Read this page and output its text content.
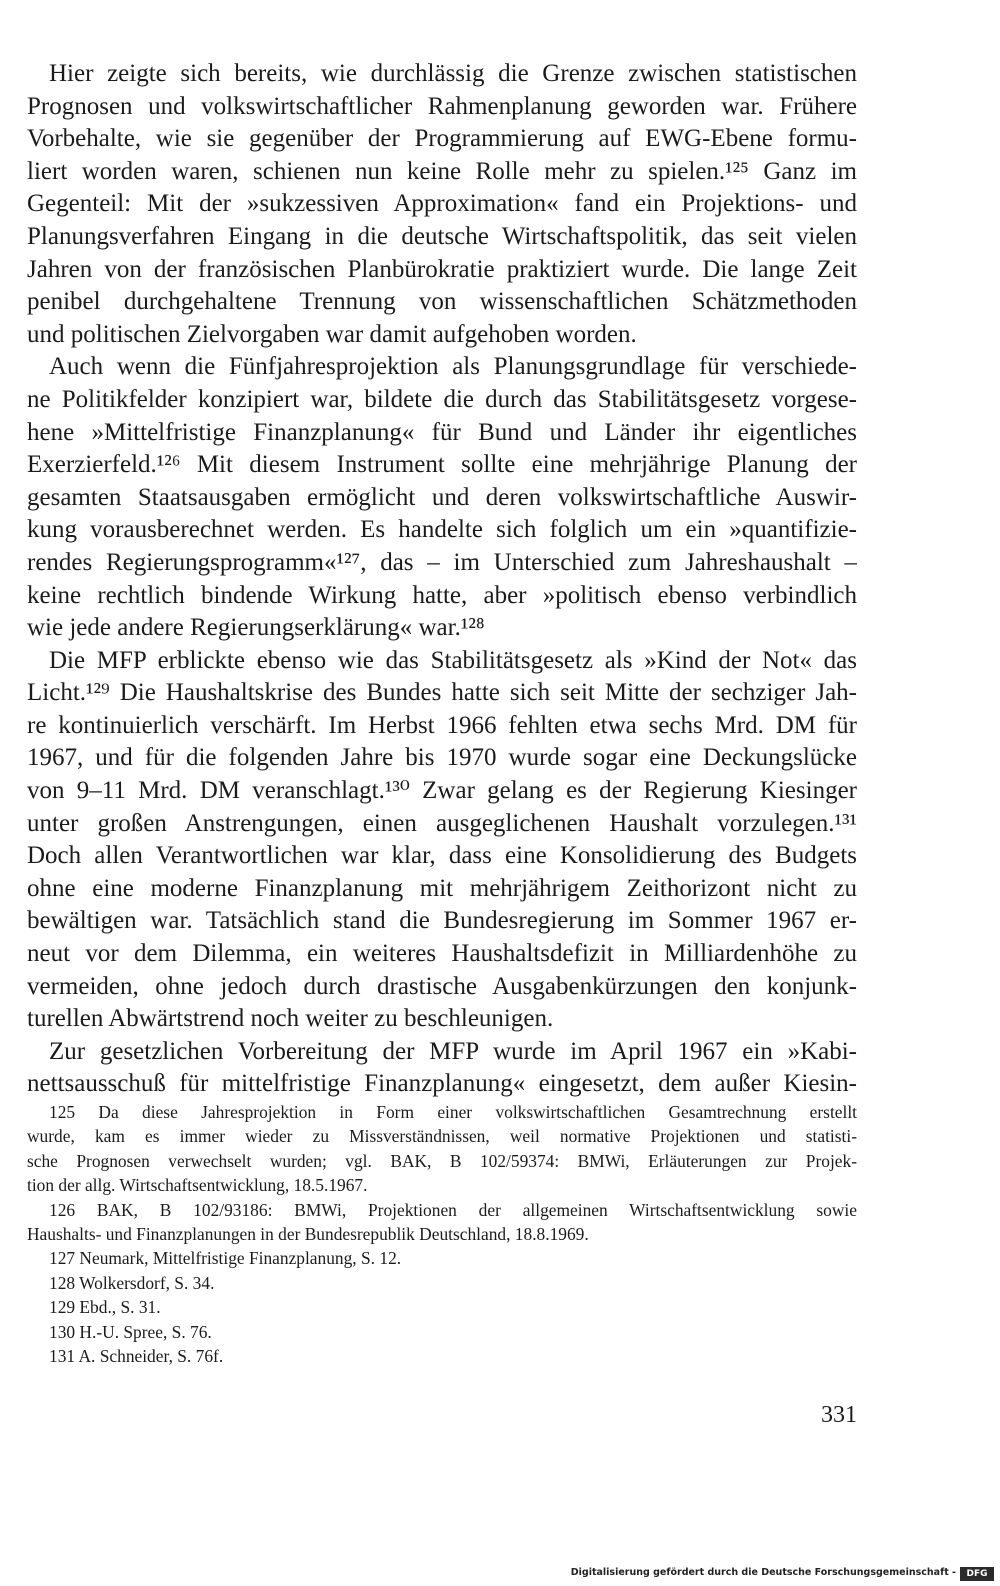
Hier zeigte sich bereits, wie durchlässig die Grenze zwischen statistischen
Prognosen und volkswirtschaftlicher Rahmenplanung geworden war. Frühere
Vorbehalte, wie sie gegenüber der Programmierung auf EWG-Ebene formu-
liert worden waren, schienen nun keine Rolle mehr zu spielen.¹²⁵ Ganz im
Gegenteil: Mit der »sukzessiven Approximation« fand ein Projektions- und
Planungsverfahren Eingang in die deutsche Wirtschaftspolitik, das seit vielen
Jahren von der französischen Planbürokratie praktiziert wurde. Die lange Zeit
penibel durchgehaltene Trennung von wissenschaftlichen Schätzmethoden
und politischen Zielvorgaben war damit aufgehoben worden.
Auch wenn die Fünfjahresprojektion als Planungsgrundlage für verschiede-
ne Politikfelder konzipiert war, bildete die durch das Stabilitätsgesetz vorgese-
hene »Mittelfristige Finanzplanung« für Bund und Länder ihr eigentliches
Exerzierfeld.¹²⁶ Mit diesem Instrument sollte eine mehrjährige Planung der
gesamten Staatsausgaben ermöglicht und deren volkswirtschaftliche Auswir-
kung vorausberechnet werden. Es handelte sich folglich um ein »quantifizie-
rendes Regierungsprogramm«¹²⁷, das – im Unterschied zum Jahreshaushalt –
keine rechtlich bindende Wirkung hatte, aber »politisch ebenso verbindlich
wie jede andere Regierungserklärung« war.¹²⁸
Die MFP erblickte ebenso wie das Stabilitätsgesetz als »Kind der Not« das
Licht.¹²⁹ Die Haushaltskrise des Bundes hatte sich seit Mitte der sechziger Jah-
re kontinuierlich verschärft. Im Herbst 1966 fehlten etwa sechs Mrd. DM für
1967, und für die folgenden Jahre bis 1970 wurde sogar eine Deckungslücke
von 9–11 Mrd. DM veranschlagt.¹³⁰ Zwar gelang es der Regierung Kiesinger
unter großen Anstrengungen, einen ausgeglichenen Haushalt vorzulegen.¹³¹
Doch allen Verantwortlichen war klar, dass eine Konsolidierung des Budgets
ohne eine moderne Finanzplanung mit mehrjährigem Zeithorizont nicht zu
bewältigen war. Tatsächlich stand die Bundesregierung im Sommer 1967 er-
neut vor dem Dilemma, ein weiteres Haushaltsdefizit in Milliardenhöhe zu
vermeiden, ohne jedoch durch drastische Ausgabenkürzungen den konjunk-
turellen Abwärtstrend noch weiter zu beschleunigen.
Zur gesetzlichen Vorbereitung der MFP wurde im April 1967 ein »Kabi-
nettsausschuß für mittelfristige Finanzplanung« eingesetzt, dem außer Kiesin-
125 Da diese Jahresprojektion in Form einer volkswirtschaftlichen Gesamtrechnung erstellt
wurde, kam es immer wieder zu Missverständnissen, weil normative Projektionen und statisti-
sche Prognosen verwechselt wurden; vgl. BAK, B 102/59374: BMWi, Erläuterungen zur Projek-
tion der allg. Wirtschaftsentwicklung, 18.5.1967.
126 BAK, B 102/93186: BMWi, Projektionen der allgemeinen Wirtschaftsentwicklung sowie
Haushalts- und Finanzplanungen in der Bundesrepublik Deutschland, 18.8.1969.
127 Neumark, Mittelfristige Finanzplanung, S. 12.
128 Wolkersdorf, S. 34.
129 Ebd., S. 31.
130 H.-U. Spree, S. 76.
131 A. Schneider, S. 76f.
331
Digitalisierung gefördert durch die Deutsche Forschungsgemeinschaft -	DFG
